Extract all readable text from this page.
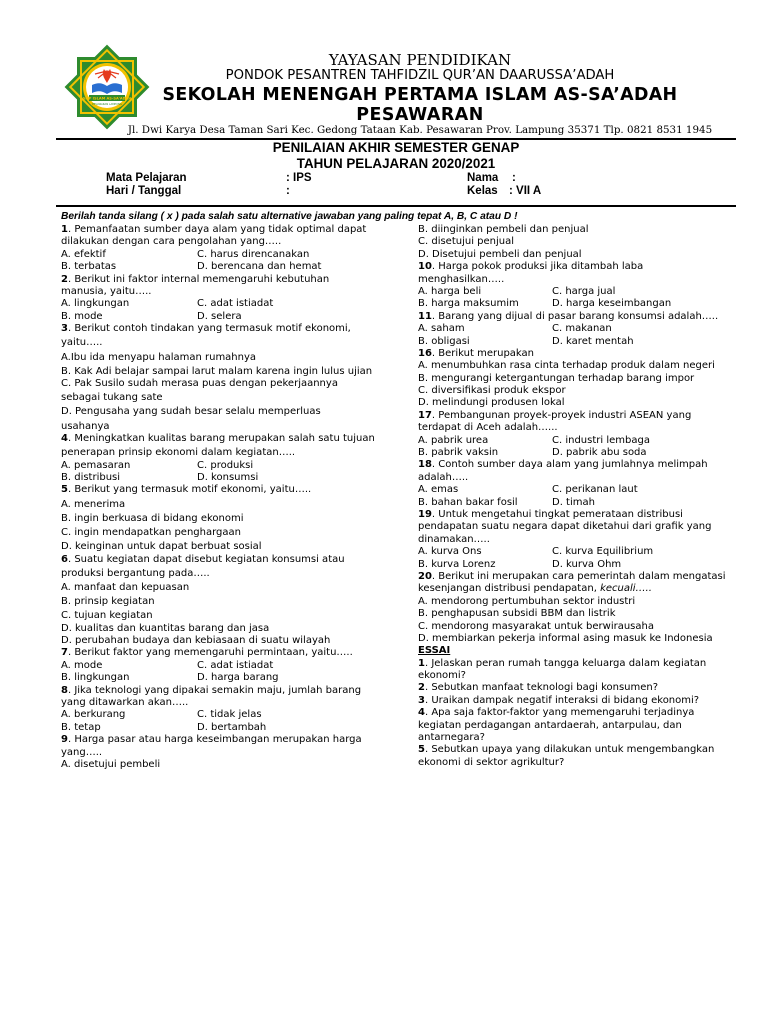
SMP ISLAM AS-SA'ADAH
PESAWARAN LAMPUNG
YAYASAN PENDIDIKAN
PONDOK PESANTREN TAHFIDZIL QUR’AN DAARUSSA’ADAH
SEKOLAH MENENGAH PERTAMA ISLAM AS-SA’ADAH
PESAWARAN
Jl. Dwi Karya Desa Taman Sari Kec. Gedong Tataan Kab. Pesawaran Prov. Lampung 35371 Tlp. 0821 8531 1945
PENILAIAN AKHIR SEMESTER GENAP
TAHUN PELAJARAN 2020/2021
Mata Pelajaran	: IPS
Hari / Tanggal	:
Nama :
Kelas : VII A
Berilah tanda silang ( x ) pada salah satu alternative jawaban yang paling tepat A, B, C atau D !
1. Pemanfaatan sumber daya alam yang tidak optimal dapat
dilakukan dengan cara pengolahan yang…..
A. efektif	C. harus direncanakan
B. terbatas	D. berencana dan hemat
2. Berikut ini faktor internal memengaruhi kebutuhan
manusia, yaitu…..
A. lingkungan	C. adat istiadat
B. mode	D. selera
3. Berikut contoh tindakan yang termasuk motif ekonomi,
yaitu…..
A.Ibu ida menyapu halaman rumahnya
B. Kak Adi belajar sampai larut malam karena ingin lulus ujian
C. Pak Susilo sudah merasa puas dengan pekerjaannya
sebagai tukang sate
D. Pengusaha yang sudah besar selalu memperluas
usahanya
4. Meningkatkan kualitas barang merupakan salah satu tujuan
penerapan prinsip ekonomi dalam kegiatan…..
A. pemasaran	C. produksi
B. distribusi	D. konsumsi
5. Berikut yang termasuk motif ekonomi, yaitu…..
A. menerima
B. ingin berkuasa di bidang ekonomi
C. ingin mendapatkan penghargaan
D. keinginan untuk dapat berbuat sosial
6. Suatu kegiatan dapat disebut kegiatan konsumsi atau
produksi bergantung pada…..
A. manfaat dan kepuasan
B. prinsip kegiatan
C. tujuan kegiatan
D. kualitas dan kuantitas barang dan jasa
D. perubahan budaya dan kebiasaan di suatu wilayah
7. Berikut faktor yang memengaruhi permintaan, yaitu…..
A. mode	C. adat istiadat
B. lingkungan	D. harga barang
8. Jika teknologi yang dipakai semakin maju, jumlah barang
yang ditawarkan akan…..
A. berkurang	C. tidak jelas
B. tetap	D. bertambah
9. Harga pasar atau harga keseimbangan merupakan harga
yang…..
A. disetujui pembeli
B. diinginkan pembeli dan penjual
C. disetujui penjual
D. Disetujui pembeli dan penjual
10. Harga pokok produksi jika ditambah laba
menghasilkan…..
A. harga beli	C. harga jual
B. harga maksumim	D. harga keseimbangan
11. Barang yang dijual di pasar barang konsumsi adalah…..
A. saham	C. makanan
B. obligasi	D. karet mentah
16. Berikut merupakan
A. menumbuhkan rasa cinta terhadap produk dalam negeri
B. mengurangi ketergantungan terhadap barang impor
C. diversifikasi produk ekspor
D. melindungi produsen lokal
17. Pembangunan proyek-proyek industri ASEAN yang
terdapat di Aceh adalah…...
A. pabrik urea	C. industri lembaga
B. pabrik vaksin	D. pabrik abu soda
18. Contoh sumber daya alam yang jumlahnya melimpah
adalah…..
A. emas	C. perikanan laut
B. bahan bakar fosil	D. timah
19. Untuk mengetahui tingkat pemerataan distribusi
pendapatan suatu negara dapat diketahui dari grafik yang
dinamakan…..
A. kurva Ons	C. kurva Equilibrium
B. kurva Lorenz	D. kurva Ohm
20. Berikut ini merupakan cara pemerintah dalam mengatasi
kesenjangan distribusi pendapatan, kecuali…..
A. mendorong pertumbuhan sektor industri
B. penghapusan subsidi BBM dan listrik
C. mendorong masyarakat untuk berwirausaha
D. membiarkan pekerja informal asing masuk ke Indonesia
ESSAI
1. Jelaskan peran rumah tangga keluarga dalam kegiatan
ekonomi?
2. Sebutkan manfaat teknologi bagi konsumen?
3. Uraikan dampak negatif interaksi di bidang ekonomi?
4. Apa saja faktor-faktor yang memengaruhi terjadinya
kegiatan perdagangan antardaerah, antarpulau, dan
antarnegara?
5. Sebutkan upaya yang dilakukan untuk mengembangkan
ekonomi di sektor agrikultur?
